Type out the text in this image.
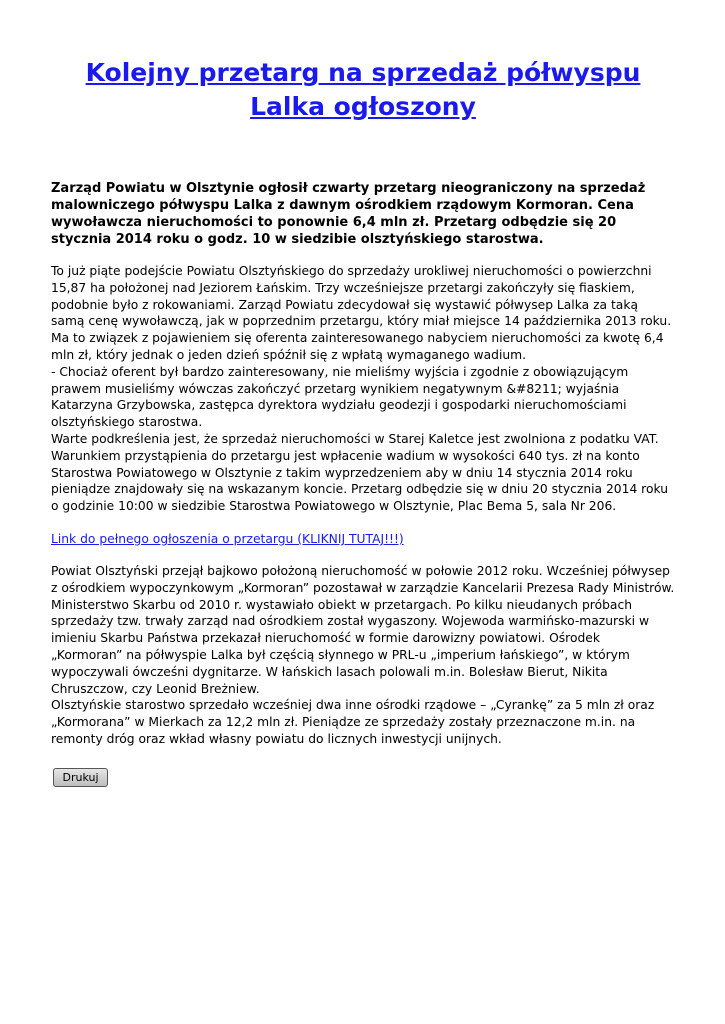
Kolejny przetarg na sprzedaż półwyspu Lalka ogłoszony
Zarząd Powiatu w Olsztynie ogłosił czwarty przetarg nieograniczony na sprzedaż malowniczego półwyspu Lalka z dawnym ośrodkiem rządowym Kormoran. Cena wywoławcza nieruchomości to ponownie 6,4 mln zł. Przetarg odbędzie się 20 stycznia 2014 roku o godz. 10 w siedzibie olsztyńskiego starostwa.

To już piąte podejście Powiatu Olsztyńskiego do sprzedaży urokliwej nieruchomości o powierzchni 15,87 ha położonej nad Jeziorem Łańskim. Trzy wcześniejsze przetargi zakończyły się fiaskiem, podobnie było z rokowaniami. Zarząd Powiatu zdecydował się wystawić półwysep Lalka za taką samą cenę wywoławczą, jak w poprzednim przetargu, który miał miejsce 14 października 2013 roku. Ma to związek z pojawieniem się oferenta zainteresowanego nabyciem nieruchomości za kwotę 6,4 mln zł, który jednak o jeden dzień spóźnił się z wpłatą wymaganego wadium.

- Chociaż oferent był bardzo zainteresowany, nie mieliśmy wyjścia i zgodnie z obowiązującym prawem musieliśmy wówczas zakończyć przetarg wynikiem negatywnym &#8211; wyjaśnia Katarzyna Grzybowska, zastępca dyrektora wydziału geodezji i gospodarki nieruchomościami olsztyńskiego starostwa.

Warte podkreślenia jest, że sprzedaż nieruchomości w Starej Kaletce jest zwolniona z podatku VAT. Warunkiem przystąpienia do przetargu jest wpłacenie wadium w wysokości 640 tys. zł na konto Starostwa Powiatowego w Olsztynie z takim wyprzedzeniem aby w dniu 14 stycznia 2014 roku pieniądze znajdowały się na wskazanym koncie. Przetarg odbędzie się w dniu 20 stycznia 2014 roku o godzinie 10:00 w siedzibie Starostwa Powiatowego w Olsztynie, Plac Bema 5, sala Nr 206.

Link do pełnego ogłoszenia o przetargu (KLIKNIJ TUTAJ!!!)

Powiat Olsztyński przejął bajkowo położoną nieruchomość w połowie 2012 roku. Wcześniej półwysep z ośrodkiem wypoczynkowym „Kormoran” pozostawał w zarządzie Kancelarii Prezesa Rady Ministrów. Ministerstwo Skarbu od 2010 r. wystawiało obiekt w przetargach. Po kilku nieudanych próbach sprzedaży tzw. trwały zarząd nad ośrodkiem został wygaszony. Wojewoda warmińsko-mazurski w imieniu Skarbu Państwa przekazał nieruchomość w formie darowizny powiatowi. Ośrodek „Kormoran” na półwyspie Lalka był częścią słynnego w PRL-u „imperium łańskiego”, w którym wypoczywali ówcześni dygnitarze. W łańskich lasach polowali m.in. Bolesław Bierut, Nikita Chruszczow, czy Leonid Breżniew.

Olsztyńskie starostwo sprzedało wcześniej dwa inne ośrodki rządowe – „Cyrankę” za 5 mln zł oraz „Kormorana” w Mierkach za 12,2 mln zł. Pieniądze ze sprzedaży zostały przeznaczone m.in. na remonty dróg oraz wkład własny powiatu do licznych inwestycji unijnych.

Drukuj
